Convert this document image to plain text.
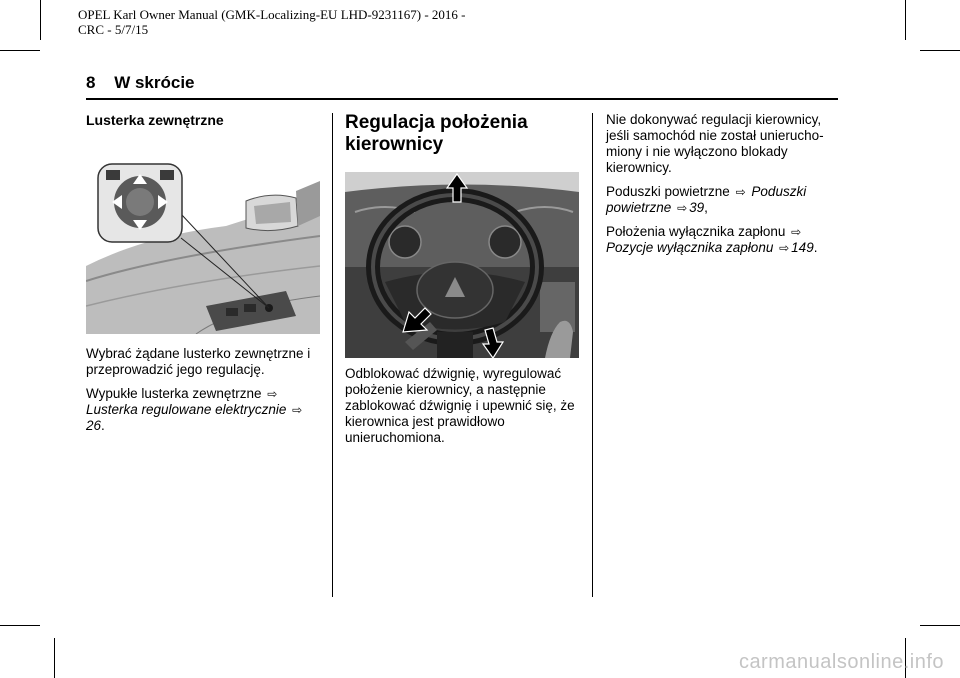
OPEL Karl Owner Manual (GMK-Localizing-EU LHD-9231167) - 2016 -
CRC - 5/7/15
8 W skrócie
Lusterka zewnętrzne

Wybrać żądane lusterko zewnętrzne i przeprowadzić jego regulację.

Wypukłe lusterka zewnętrzne ⇨
Lusterka regulowane elektrycznie ⇨26.

Regulacja położenia kierownicy

Odblokować dźwignię, wyregulować położenie kierownicy, a następnie zablokować dźwignię i upewnić się, że kierownica jest prawidłowo unieruchomiona.

Nie dokonywać regulacji kierownicy, jeśli samochód nie został unierucho-miony i nie wyłączono blokady kierownicy.

Poduszki powietrzne ⇨ Poduszki powietrzne ⇨ 39,

Położenia wyłącznika zapłonu ⇨
Pozycje wyłącznika zapłonu ⇨ 149.

carmanualsonline.info
